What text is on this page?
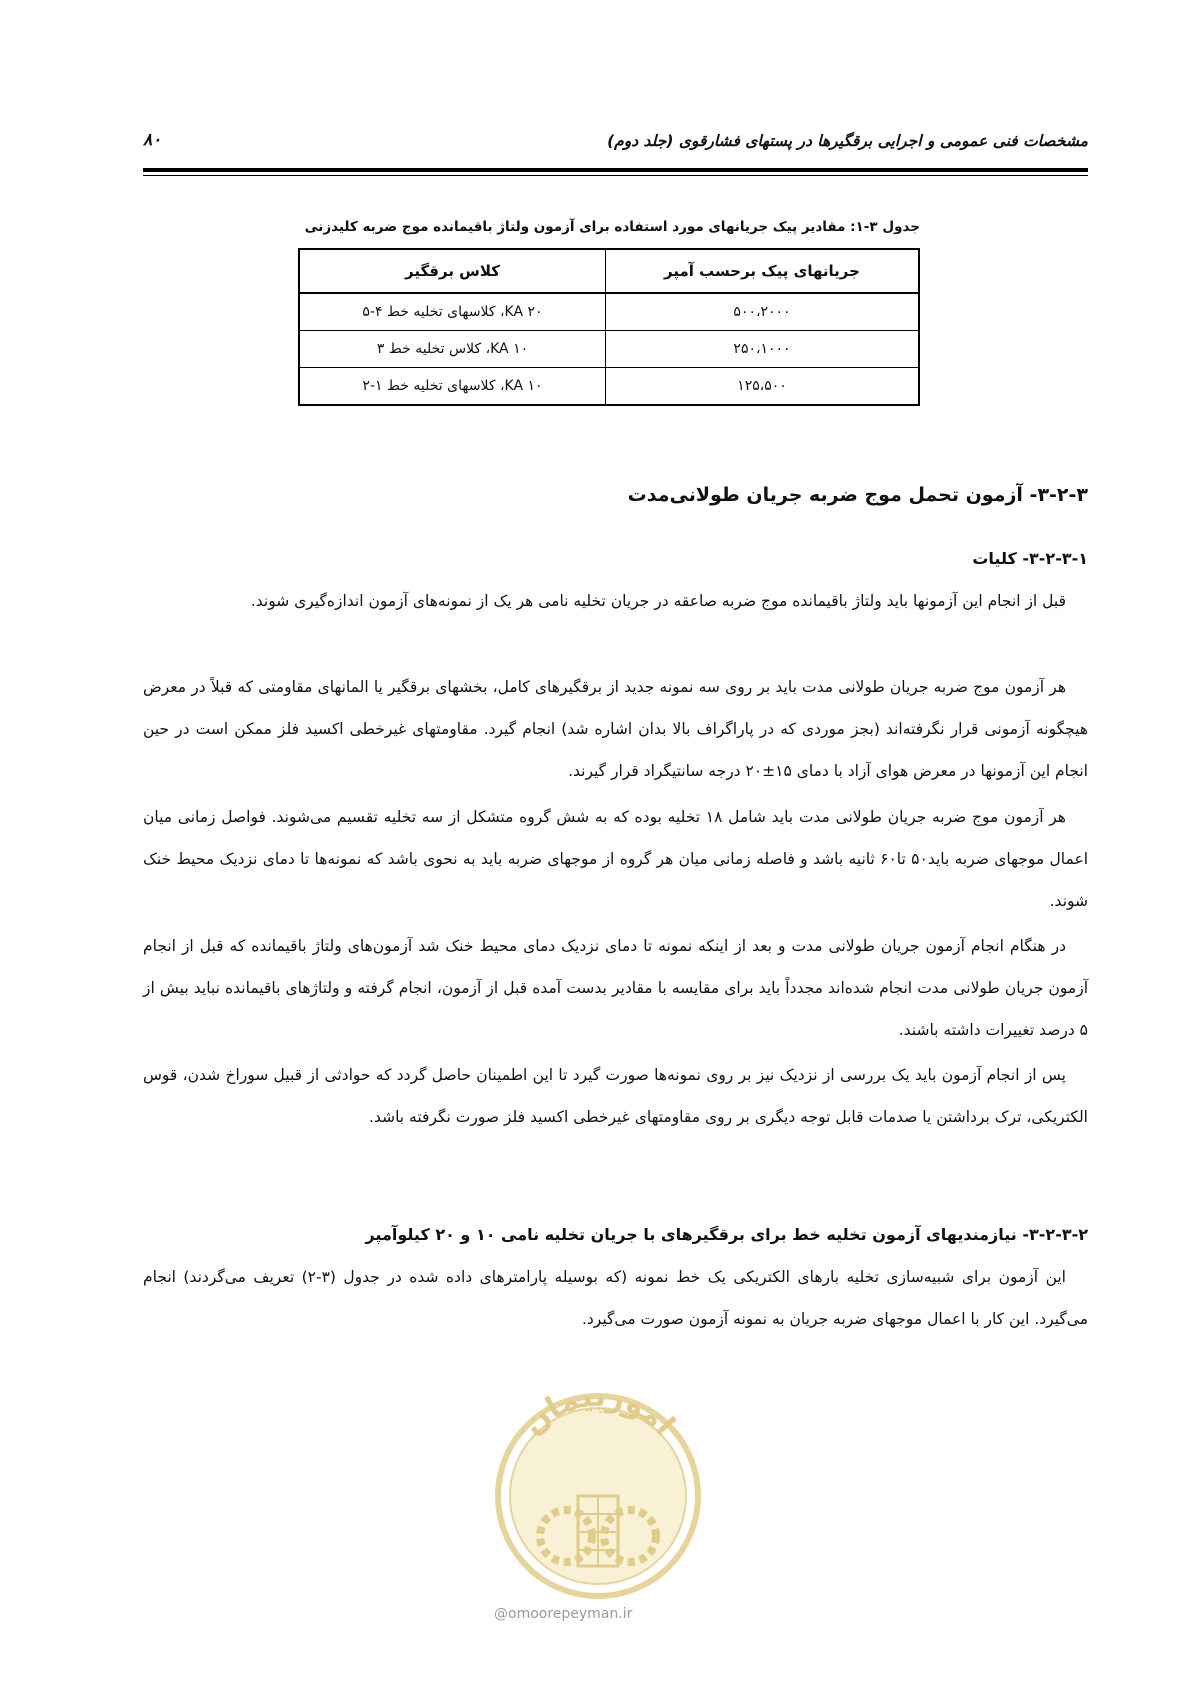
مشخصات فنی عمومی و اجرایی برقگیرها در پستهای فشارقوی (جلد دوم)
۸۰
جدول ۳-۱: مقادیر پیک جریانهای مورد استفاده برای آزمون ولتاژ باقیمانده موج ضربه کلیدزنی
جریانهای پیک برحسب آمپر	کلاس برقگیر
۵۰۰،۲۰۰۰	۲۰ KA، کلاسهای تخلیه خط ۴-۵
۲۵۰،۱۰۰۰	۱۰ KA، کلاس تخلیه خط ۳
۱۲۵،۵۰۰	۱۰ KA، کلاسهای تخلیه خط ۱-۲
۳-۲-۳- آزمون تحمل موج ضربه جریان طولانی‌مدت
۳-۲-۳-۱- کلیات

قبل از انجام این آزمونها باید ولتاژ باقیمانده موج ضربه صاعقه در جریان تخلیه نامی هر یک از نمونه‌های آزمون اندازه‌گیری شوند.

هر آزمون موج ضربه جریان طولانی مدت باید بر روی سه نمونه جدید از برقگیرهای کامل، بخشهای برقگیر یا المانهای مقاومتی که قبلاً در معرض هیچگونه آزمونی قرار نگرفته‌اند (بجز موردی که در پاراگراف بالا بدان اشاره شد) انجام گیرد. مقاومتهای غیرخطی اکسید فلز ممکن است در حین انجام این آزمونها در معرض هوای آزاد با دمای ۱۵±۲۰ درجه سانتیگراد قرار گیرند.

هر آزمون موج ضربه جریان طولانی مدت باید شامل ۱۸ تخلیه بوده که به شش گروه متشکل از سه تخلیه تقسیم می‌شوند. فواصل زمانی میان اعمال موجهای ضربه باید۵۰ تا۶۰ ثانیه باشد و فاصله زمانی میان هر گروه از موجهای ضربه باید به نحوی باشد که نمونه‌ها تا دمای نزدیک محیط خنک شوند.

در هنگام انجام آزمون جریان طولانی مدت و بعد از اینکه نمونه تا دمای نزدیک دمای محیط خنک شد آزمون‌های ولتاژ باقیمانده که قبل از انجام آزمون جریان طولانی مدت انجام شده‌اند مجدداً باید برای مقایسه با مقادیر بدست آمده قبل از آزمون، انجام گرفته و ولتاژهای باقیمانده نباید بیش از ۵ درصد تغییرات داشته باشند.

پس از انجام آزمون باید یک بررسی از نزدیک نیز بر روی نمونه‌ها صورت گیرد تا این اطمینان حاصل گردد که حوادثی از قبیل سوراخ شدن، قوس الکتریکی، ترک برداشتن یا صدمات قابل توجه دیگری بر روی مقاومتهای غیرخطی اکسید فلز صورت نگرفته باشد.

۳-۲-۳-۲- نیازمندیهای آزمون تخلیه خط برای برقگیرهای با جریان تخلیه نامی ۱۰ و ۲۰ کیلوآمپر

این آزمون برای شبیه‌سازی تخلیه بارهای الکتریکی یک خط نمونه (که بوسیله پارامترهای داده شده در جدول (۳-۲) تعریف می‌گردند) انجام می‌گیرد. این کار با اعمال موجهای ضربه جریان به نمونه آزمون صورت می‌گیرد.

امورپیمان
@omoorepeyman.ir
